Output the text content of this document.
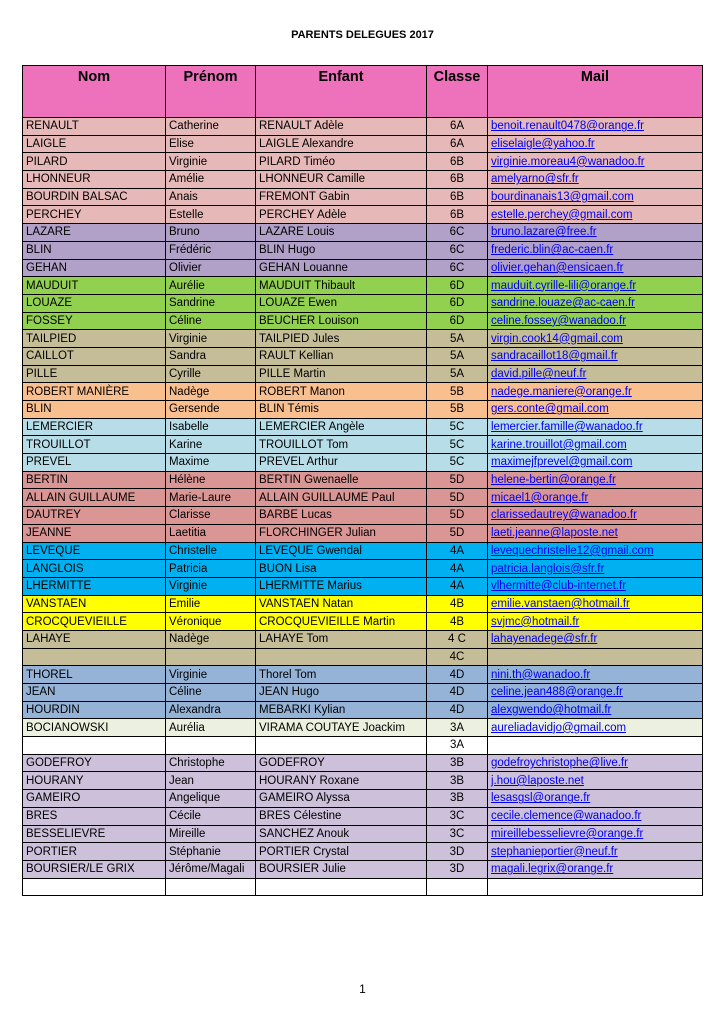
PARENTS DELEGUES 2017
Nom	Prénom	Enfant	Classe	Mail
RENAULT	Catherine	RENAULT Adèle	6A	benoit.renault0478@orange.fr
LAIGLE	Elise	LAIGLE Alexandre	6A	eliselaigle@yahoo.fr
PILARD	Virginie	PILARD Timéo	6B	virginie.moreau4@wanadoo.fr
LHONNEUR	Amélie	LHONNEUR Camille	6B	amelyarno@sfr.fr
BOURDIN BALSAC	Anais	FREMONT Gabin	6B	bourdinanais13@gmail.com
PERCHEY	Estelle	PERCHEY Adèle	6B	estelle.perchey@gmail.com
LAZARE	Bruno	LAZARE Louis	6C	bruno.lazare@free.fr
BLIN	Frédéric	BLIN Hugo	6C	frederic.blin@ac-caen.fr
GEHAN	Olivier	GEHAN Louanne	6C	olivier.gehan@ensicaen.fr
MAUDUIT	Aurélie	MAUDUIT Thibault	6D	mauduit.cyrille-lili@orange.fr
LOUAZE	Sandrine	LOUAZE Ewen	6D	sandrine.louaze@ac-caen.fr
FOSSEY	Céline	BEUCHER Louison	6D	celine.fossey@wanadoo.fr
TAILPIED	Virginie	TAILPIED Jules	5A	virgin.cook14@gmail.com
CAILLOT	Sandra	RAULT Kellian	5A	sandracaillot18@gmail.fr
PILLE	Cyrille	PILLE Martin	5A	david.pille@neuf.fr
ROBERT MANIÈRE	Nadège	ROBERT Manon	5B	nadege.maniere@orange.fr
BLIN	Gersende	BLIN Témis	5B	gers.conte@gmail.com
LEMERCIER	Isabelle	LEMERCIER Angèle	5C	lemercier.famille@wanadoo.fr
TROUILLOT	Karine	TROUILLOT Tom	5C	karine.trouillot@gmail.com
PREVEL	Maxime	PREVEL Arthur	5C	maximejfprevel@gmail.com
BERTIN	Hélène	BERTIN Gwenaelle	5D	helene-bertin@orange.fr
ALLAIN GUILLAUME	Marie-Laure	ALLAIN GUILLAUME Paul	5D	micael1@orange.fr
DAUTREY	Clarisse	BARBE Lucas	5D	clarissedautrey@wanadoo.fr
JEANNE	Laetitia	FLORCHINGER Julian	5D	laeti.jeanne@laposte.net
LEVEQUE	Christelle	LEVEQUE Gwendal	4A	levequechristelle12@gmail.com
LANGLOIS	Patricia	BUON Lisa	4A	patricia.langlois@sfr.fr
LHERMITTE	Virginie	LHERMITTE Marius	4A	vlhermitte@club-internet.fr
VANSTAEN	Emilie	VANSTAEN Natan	4B	emilie.vanstaen@hotmail.fr
CROCQUEVIEILLE	Véronique	CROCQUEVIEILLE Martin	4B	svjmc@hotmail.fr
LAHAYE	Nadège	LAHAYE Tom	4 C	lahayenadege@sfr.fr
			4C	
THOREL	Virginie	Thorel Tom	4D	nini.th@wanadoo.fr
JEAN	Céline	JEAN Hugo	4D	celine.jean488@orange.fr
HOURDIN	Alexandra	MEBARKI Kylian	4D	alexgwendo@hotmail.fr
BOCIANOWSKI	Aurélia	VIRAMA COUTAYE Joackim	3A	aureliadavidjo@gmail.com
			3A	
GODEFROY	Christophe	GODEFROY	3B	godefroychristophe@live.fr
HOURANY	Jean	HOURANY Roxane	3B	j.hou@laposte.net
GAMEIRO	Angelique	GAMEIRO Alyssa	3B	lesasgsl@orange.fr
BRES	Cécile	BRES Célestine	3C	cecile.clemence@wanadoo.fr
BESSELIEVRE	Mireille	SANCHEZ Anouk	3C	mireillebesselievre@orange.fr
PORTIER	Stéphanie	PORTIER Crystal	3D	stephanieportier@neuf.fr
BOURSIER/LE GRIX	Jérôme/Magali	BOURSIER Julie	3D	magali.legrix@orange.fr

1
